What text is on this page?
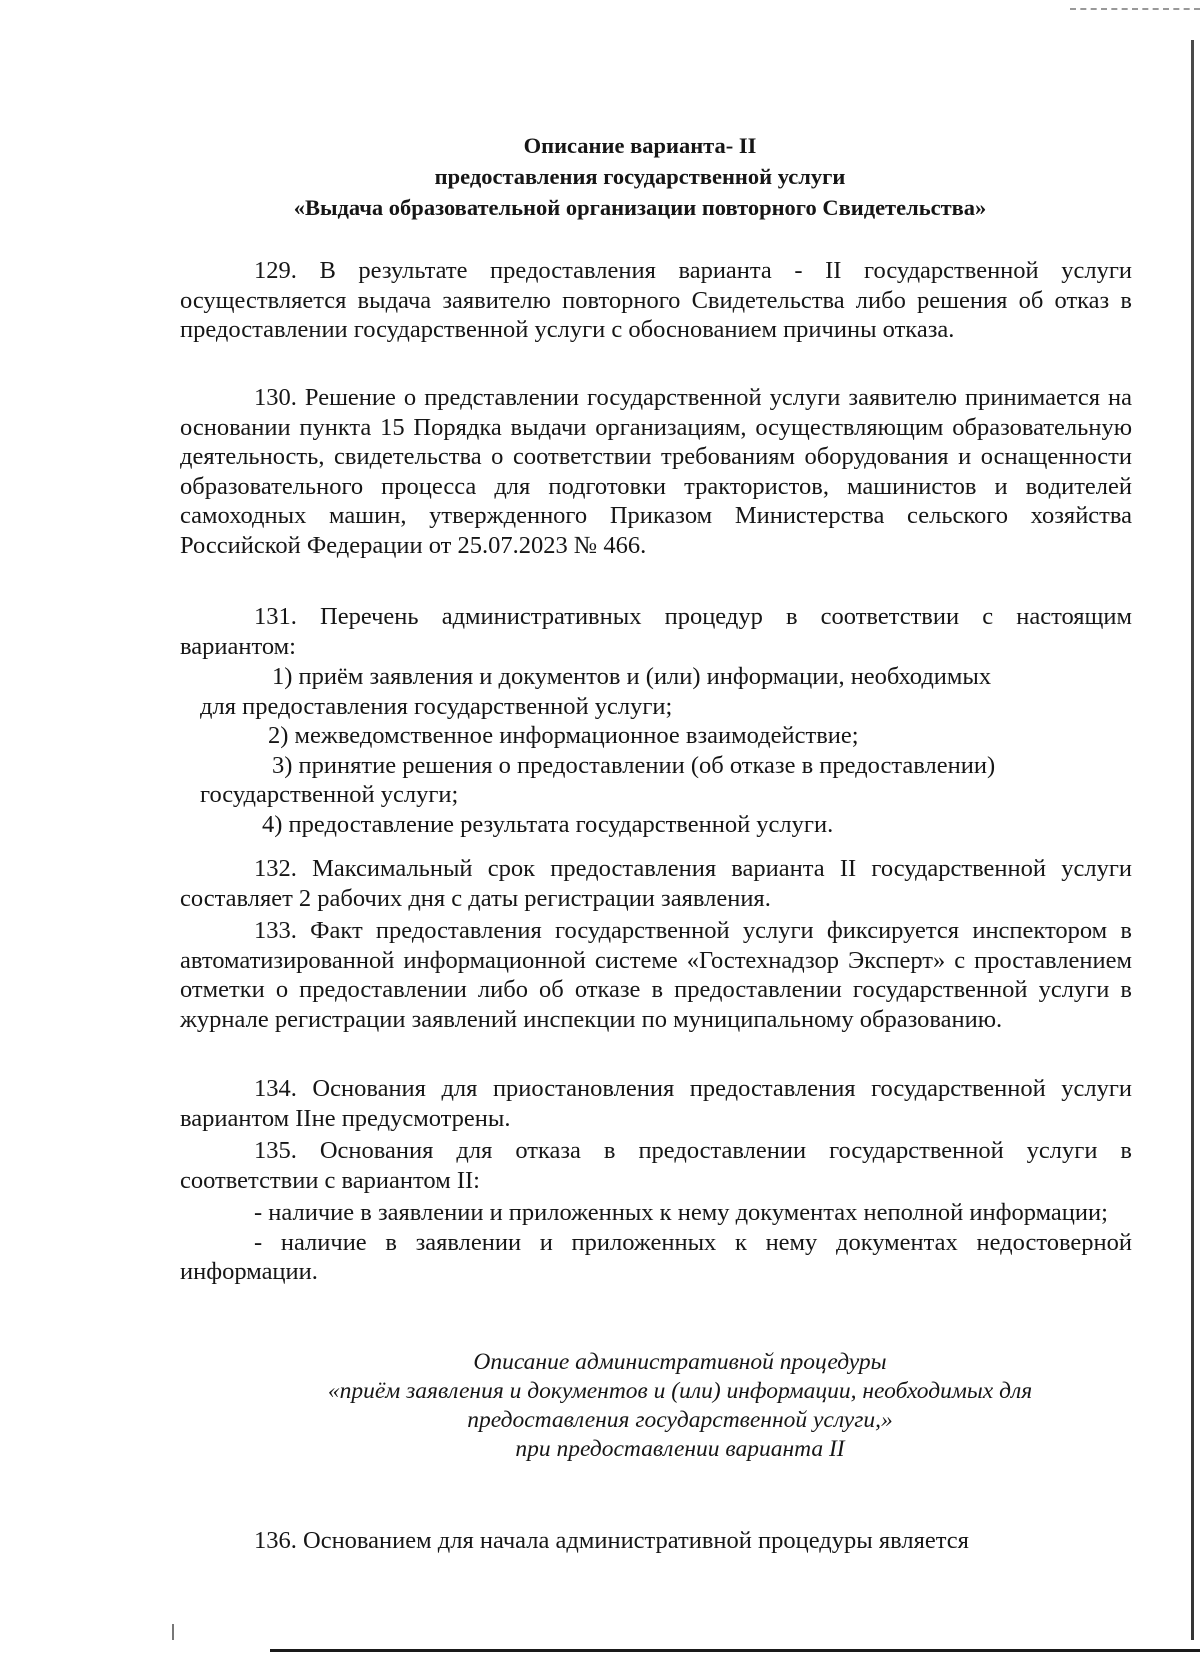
Описание варианта- II
предоставления государственной услуги
«Выдача образовательной организации повторного Свидетельства»
129. В результате предоставления варианта - II государственной услуги осуществляется выдача заявителю повторного Свидетельства либо решения об отказ в предоставлении государственной услуги с обоснованием причины отказа.
130. Решение о представлении государственной услуги заявителю принимается на основании пункта 15 Порядка выдачи организациям, осуществляющим образовательную деятельность, свидетельства о соответствии требованиям оборудования и оснащенности образовательного процесса для подготовки трактористов, машинистов и водителей самоходных машин, утвержденного Приказом Министерства сельского хозяйства Российской Федерации от 25.07.2023 № 466.
131. Перечень административных процедур в соответствии с настоящим вариантом:
1) приём заявления и документов и (или) информации, необходимых
для предоставления государственной услуги;
2) межведомственное информационное взаимодействие;
3) принятие решения о предоставлении (об отказе в предоставлении)
государственной услуги;
4) предоставление результата государственной услуги.
132. Максимальный срок предоставления варианта II государственной услуги составляет 2 рабочих дня с даты регистрации заявления.
133. Факт предоставления государственной услуги фиксируется инспектором в автоматизированной информационной системе «Гостехнадзор Эксперт» с проставлением отметки о предоставлении либо об отказе в предоставлении государственной услуги в журнале регистрации заявлений инспекции по муниципальному образованию.
134. Основания для приостановления предоставления государственной услуги вариантом IIне предусмотрены.
135. Основания для отказа в предоставлении государственной услуги в соответствии с вариантом II:
- наличие в заявлении и приложенных к нему документах неполной информации;
- наличие в заявлении и приложенных к нему документах недостоверной информации.
Описание административной процедуры
«приём заявления и документов и (или) информации, необходимых для
предоставления государственной услуги,»
при предоставлении варианта II
136. Основанием для начала административной процедуры является
